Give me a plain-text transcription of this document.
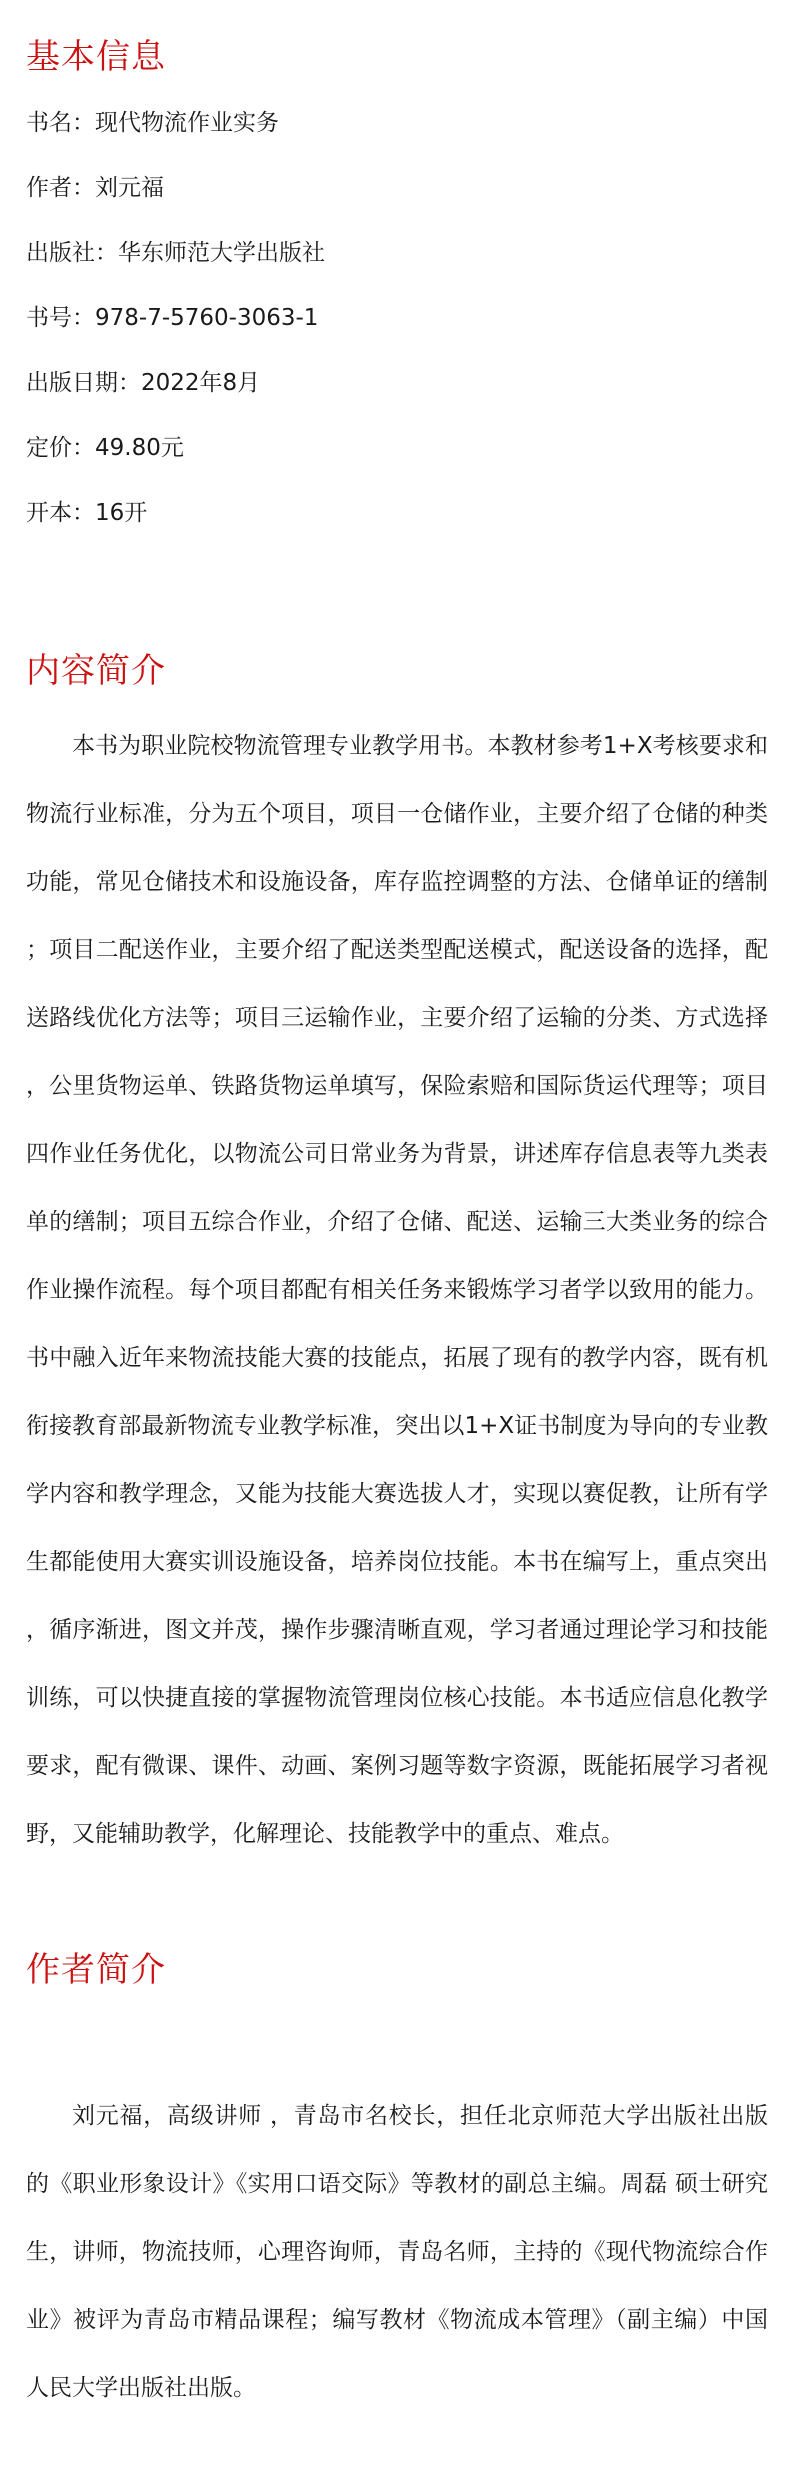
基本信息

书名：现代物流作业实务

作者：刘元福

出版社：华东师范大学出版社

书号：978-7-5760-3063-1

出版日期：2022年8月

定价：49.80元

开本：16开

内容简介

本书为职业院校物流管理专业教学用书。本教材参考1+X考核要求和物流行业标准，分为五个项目，项目一仓储作业，主要介绍了仓储的种类功能，常见仓储技术和设施设备，库存监控调整的方法、仓储单证的缮制；项目二配送作业，主要介绍了配送类型配送模式，配送设备的选择，配送路线优化方法等；项目三运输作业，主要介绍了运输的分类、方式选择，公里货物运单、铁路货物运单填写，保险索赔和国际货运代理等；项目四作业任务优化，以物流公司日常业务为背景，讲述库存信息表等九类表单的缮制；项目五综合作业，介绍了仓储、配送、运输三大类业务的综合作业操作流程。每个项目都配有相关任务来锻炼学习者学以致用的能力。书中融入近年来物流技能大赛的技能点，拓展了现有的教学内容，既有机衔接教育部最新物流专业教学标准，突出以1+X证书制度为导向的专业教学内容和教学理念，又能为技能大赛选拔人才，实现以赛促教，让所有学生都能使用大赛实训设施设备，培养岗位技能。本书在编写上，重点突出，循序渐进，图文并茂，操作步骤清晰直观，学习者通过理论学习和技能训练，可以快捷直接的掌握物流管理岗位核心技能。本书适应信息化教学要求，配有微课、课件、动画、案例习题等数字资源，既能拓展学习者视野，又能辅助教学，化解理论、技能教学中的重点、难点。

作者简介

刘元福，高级讲师 ，青岛市名校长，担任北京师范大学出版社出版的《职业形象设计》《实用口语交际》等教材的副总主编。周磊 硕士研究生，讲师，物流技师，心理咨询师，青岛名师，主持的《现代物流综合作业》被评为青岛市精品课程；编写教材《物流成本管理》（副主编）中国人民大学出版社出版。
